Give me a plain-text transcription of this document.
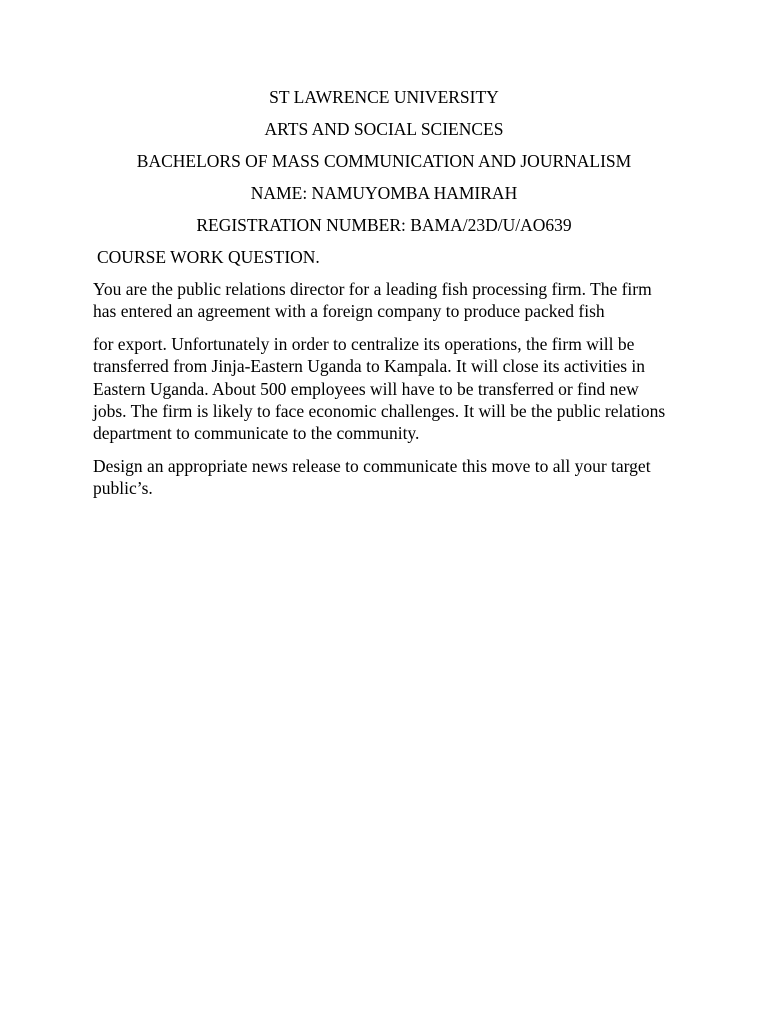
ST LAWRENCE UNIVERSITY

ARTS AND SOCIAL SCIENCES

BACHELORS OF MASS COMMUNICATION AND JOURNALISM

NAME: NAMUYOMBA HAMIRAH

REGISTRATION NUMBER: BAMA/23D/U/AO639

COURSE WORK QUESTION.

You are the public relations director for a leading fish processing firm. The firm has entered an agreement with a foreign company to produce packed fish

for export. Unfortunately in order to centralize its operations, the firm will be transferred from Jinja-Eastern Uganda to Kampala. It will close its activities in Eastern Uganda. About 500 employees will have to be transferred or find new jobs. The firm is likely to face economic challenges. It will be the public relations department to communicate to the community.

Design an appropriate news release to communicate this move to all your target public’s.
